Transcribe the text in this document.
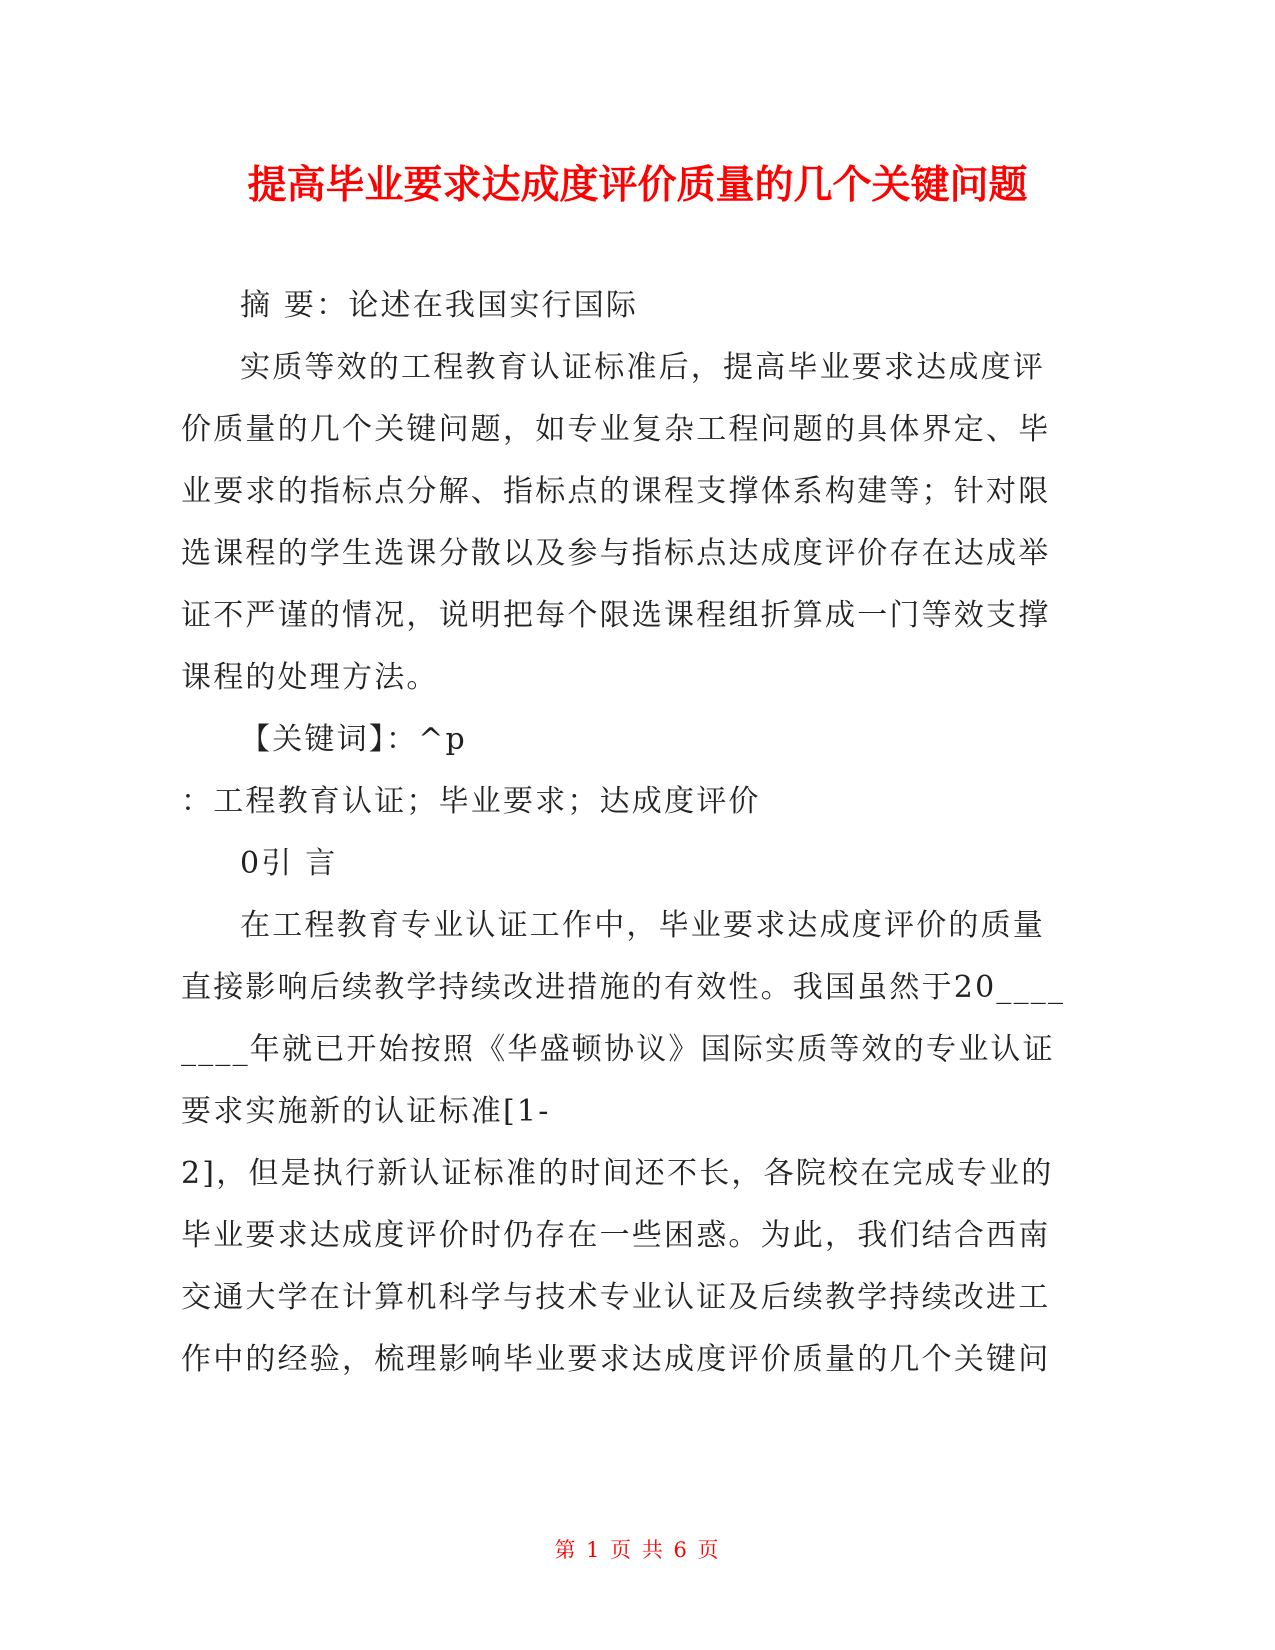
提高毕业要求达成度评价质量的几个关键问题
摘 要：论述在我国实行国际
实质等效的工程教育认证标准后，提高毕业要求达成度评
价质量的几个关键问题，如专业复杂工程问题的具体界定、毕
业要求的指标点分解、指标点的课程支撑体系构建等；针对限
选课程的学生选课分散以及参与指标点达成度评价存在达成举
证不严谨的情况，说明把每个限选课程组折算成一门等效支撑
课程的处理方法。
【关键词】：^p
：工程教育认证；毕业要求；达成度评价
0引 言
在工程教育专业认证工作中，毕业要求达成度评价的质量
直接影响后续教学持续改进措施的有效性。我国虽然于20____
____年就已开始按照《华盛顿协议》国际实质等效的专业认证
要求实施新的认证标准[1-
2]，但是执行新认证标准的时间还不长，各院校在完成专业的
毕业要求达成度评价时仍存在一些困惑。为此，我们结合西南
交通大学在计算机科学与技术专业认证及后续教学持续改进工
作中的经验，梳理影响毕业要求达成度评价质量的几个关键问
第 1 页 共 6 页
